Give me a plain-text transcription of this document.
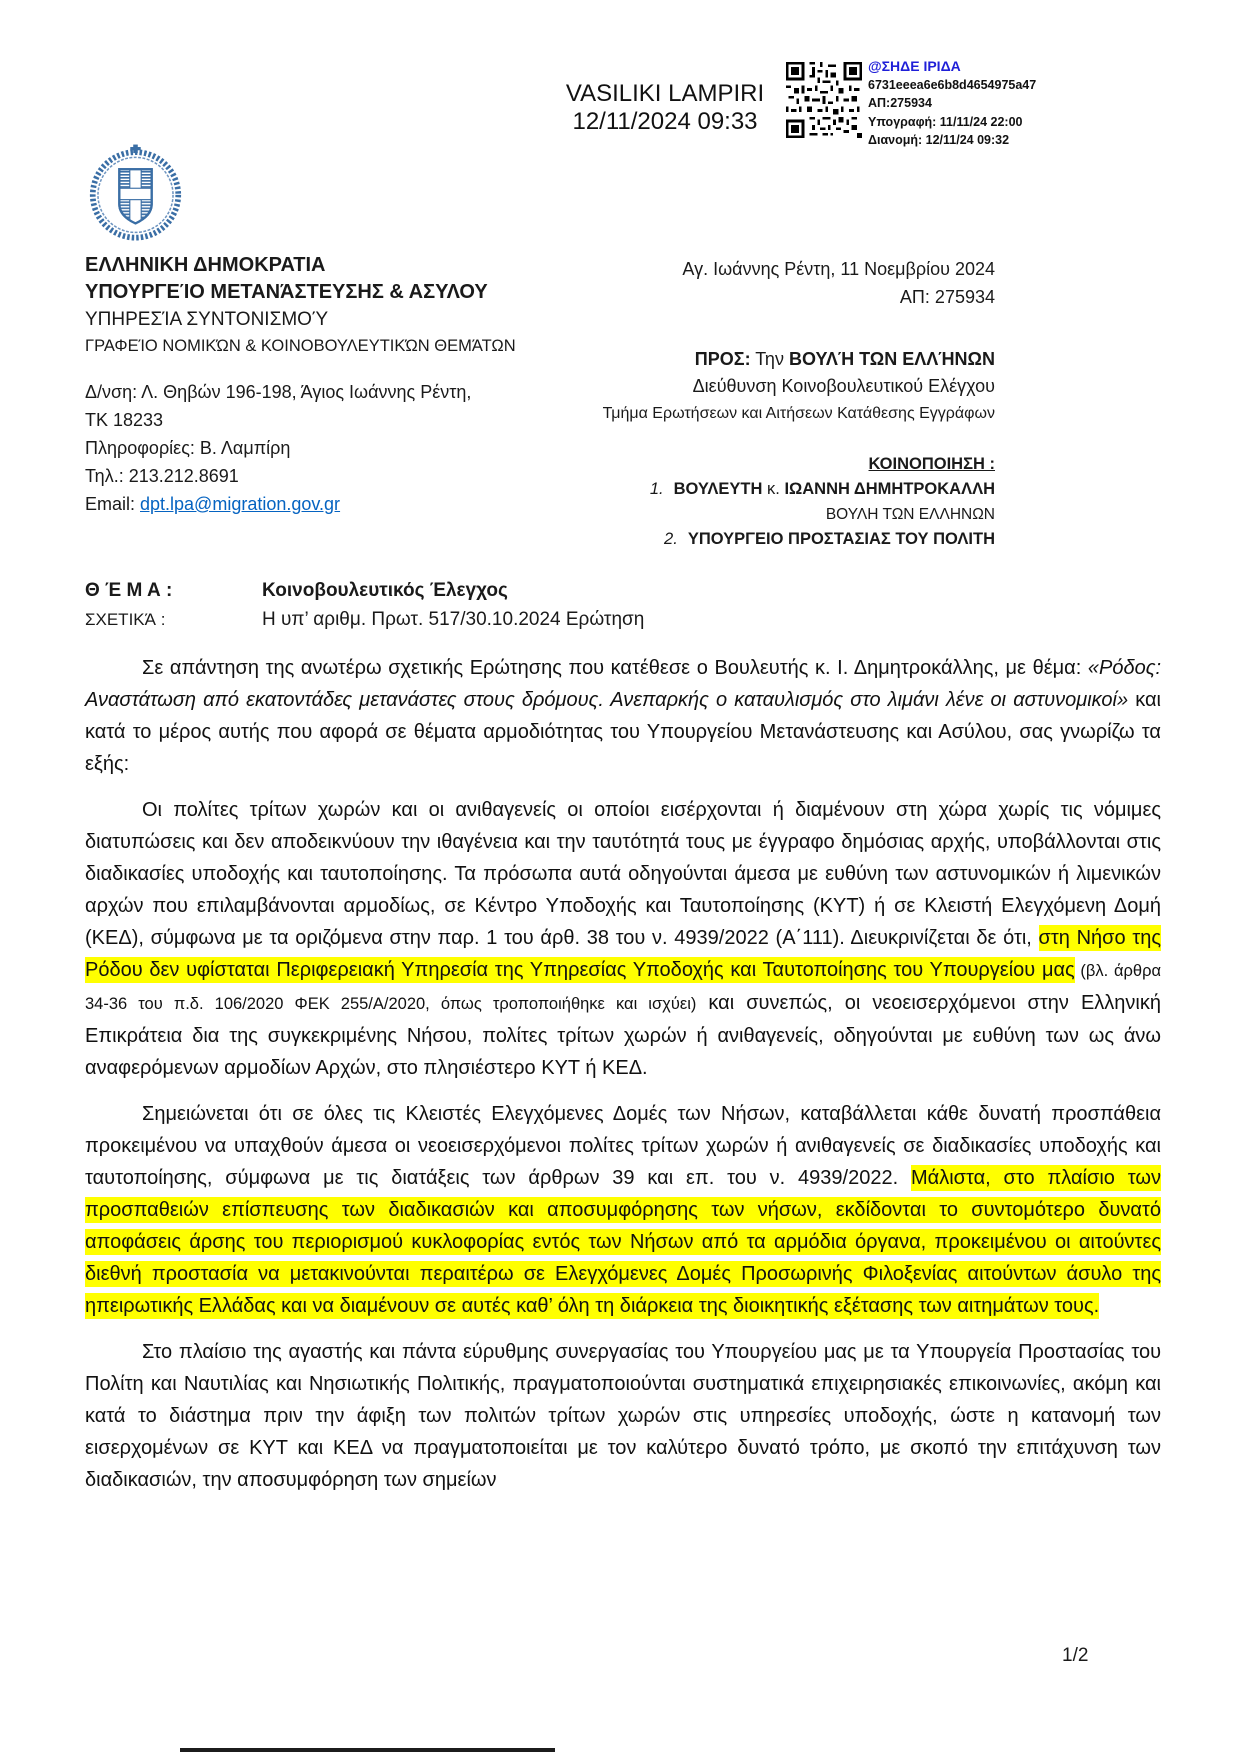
VASILIKI LAMPIRI
12/11/2024 09:33
@ΣΗΔΕ ΙΡΙΔΑ
6731eeea6e6b8d4654975a47
ΑΠ:275934
Υπογραφή: 11/11/24 22:00
Διανομή: 12/11/24 09:32
ΕΛΛΗΝΙΚΗ ΔΗΜΟΚΡΑΤΙΑ
ΥΠΟΥΡΓΕΊΟ ΜΕΤΑΝΆΣΤΕΥΣΗΣ & ΑΣΥΛΟΥ
ΥΠΗΡΕΣΊΑ ΣΥΝΤΟΝΙΣΜΟΎ
ΓΡΑΦΕΊΟ ΝΟΜΙΚΏΝ & ΚΟΙΝΟΒΟΥΛΕΥΤΙΚΏΝ ΘΕΜΆΤΩΝ
Δ/νση: Λ. Θηβών 196-198, Άγιος Ιωάννης Ρέντη,
ΤΚ 18233
Πληροφορίες: Β. Λαμπίρη
Τηλ.: 213.212.8691
Email: dpt.lpa@migration.gov.gr
Αγ. Ιωάννης Ρέντη, 11 Νοεμβρίου 2024
ΑΠ: 275934
ΠΡΟΣ: Την ΒΟΥΛΉ ΤΩΝ ΕΛΛΉΝΩΝ
Διεύθυνση Κοινοβουλευτικού Ελέγχου
Τμήμα Ερωτήσεων και Αιτήσεων Κατάθεσης Εγγράφων
ΚΟΙΝΟΠΟΙΗΣΗ :
1. ΒΟΥΛΕΥΤΗ κ. ΙΩΑΝΝΗ ΔΗΜΗΤΡΟΚΑΛΛΗ
ΒΟΥΛΗ ΤΩΝ ΕΛΛΗΝΩΝ
2. ΥΠΟΥΡΓΕΙΟ ΠΡΟΣΤΑΣΙΑΣ ΤΟΥ ΠΟΛΙΤΗ
Θ Έ Μ Α :	Κοινοβουλευτικός Έλεγχος
ΣΧΕΤΙΚΆ :	Η υπ’ αριθμ. Πρωτ. 517/30.10.2024 Ερώτηση

Σε απάντηση της ανωτέρω σχετικής Ερώτησης που κατέθεσε ο Βουλευτής κ. Ι. Δημητροκάλλης, με θέμα: «Ρόδος: Αναστάτωση από εκατοντάδες μετανάστες στους δρόμους. Ανεπαρκής ο καταυλισμός στο λιμάνι λένε οι αστυνομικοί» και κατά το μέρος αυτής που αφορά σε θέματα αρμοδιότητας του Υπουργείου Μετανάστευσης και Ασύλου, σας γνωρίζω τα εξής:

Οι πολίτες τρίτων χωρών και οι ανιθαγενείς οι οποίοι εισέρχονται ή διαμένουν στη χώρα χωρίς τις νόμιμες διατυπώσεις και δεν αποδεικνύουν την ιθαγένεια και την ταυτότητά τους με έγγραφο δημόσιας αρχής, υποβάλλονται στις διαδικασίες υποδοχής και ταυτοποίησης. Τα πρόσωπα αυτά οδηγούνται άμεσα με ευθύνη των αστυνομικών ή λιμενικών αρχών που επιλαμβάνονται αρμοδίως, σε Κέντρο Υποδοχής και Ταυτοποίησης (ΚΥΤ) ή σε Κλειστή Ελεγχόμενη Δομή (ΚΕΔ), σύμφωνα με τα οριζόμενα στην παρ. 1 του άρθ. 38 του ν. 4939/2022 (Α΄111). Διευκρινίζεται δε ότι, στη Νήσο της Ρόδου δεν υφίσταται Περιφερειακή Υπηρεσία της Υπηρεσίας Υποδοχής και Ταυτοποίησης του Υπουργείου μας (βλ. άρθρα 34-36 του π.δ. 106/2020 ΦΕΚ 255/Α/2020, όπως τροποποιήθηκε και ισχύει) και συνεπώς, οι νεοεισερχόμενοι στην Ελληνική Επικράτεια δια της συγκεκριμένης Νήσου, πολίτες τρίτων χωρών ή ανιθαγενείς, οδηγούνται με ευθύνη των ως άνω αναφερόμενων αρμοδίων Αρχών, στο πλησιέστερο ΚΥΤ ή ΚΕΔ.

Σημειώνεται ότι σε όλες τις Κλειστές Ελεγχόμενες Δομές των Νήσων, καταβάλλεται κάθε δυνατή προσπάθεια προκειμένου να υπαχθούν άμεσα οι νεοεισερχόμενοι πολίτες τρίτων χωρών ή ανιθαγενείς σε διαδικασίες υποδοχής και ταυτοποίησης, σύμφωνα με τις διατάξεις των άρθρων 39 και επ. του ν. 4939/2022. Μάλιστα, στο πλαίσιο των προσπαθειών επίσπευσης των διαδικασιών και αποσυμφόρησης των νήσων, εκδίδονται το συντομότερο δυνατό αποφάσεις άρσης του περιορισμού κυκλοφορίας εντός των Νήσων από τα αρμόδια όργανα, προκειμένου οι αιτούντες διεθνή προστασία να μετακινούνται περαιτέρω σε Ελεγχόμενες Δομές Προσωρινής Φιλοξενίας αιτούντων άσυλο της ηπειρωτικής Ελλάδας και να διαμένουν σε αυτές καθ’ όλη τη διάρκεια της διοικητικής εξέτασης των αιτημάτων τους.

Στο πλαίσιο της αγαστής και πάντα εύρυθμης συνεργασίας του Υπουργείου μας με τα Υπουργεία Προστασίας του Πολίτη και Ναυτιλίας και Νησιωτικής Πολιτικής, πραγματοποιούνται συστηματικά επιχειρησιακές επικοινωνίες, ακόμη και κατά το διάστημα πριν την άφιξη των πολιτών τρίτων χωρών στις υπηρεσίες υποδοχής, ώστε η κατανομή των εισερχομένων σε ΚΥΤ και ΚΕΔ να πραγματοποιείται με τον καλύτερο δυνατό τρόπο, με σκοπό την επιτάχυνση των διαδικασιών, την αποσυμφόρηση των σημείων

1/2
